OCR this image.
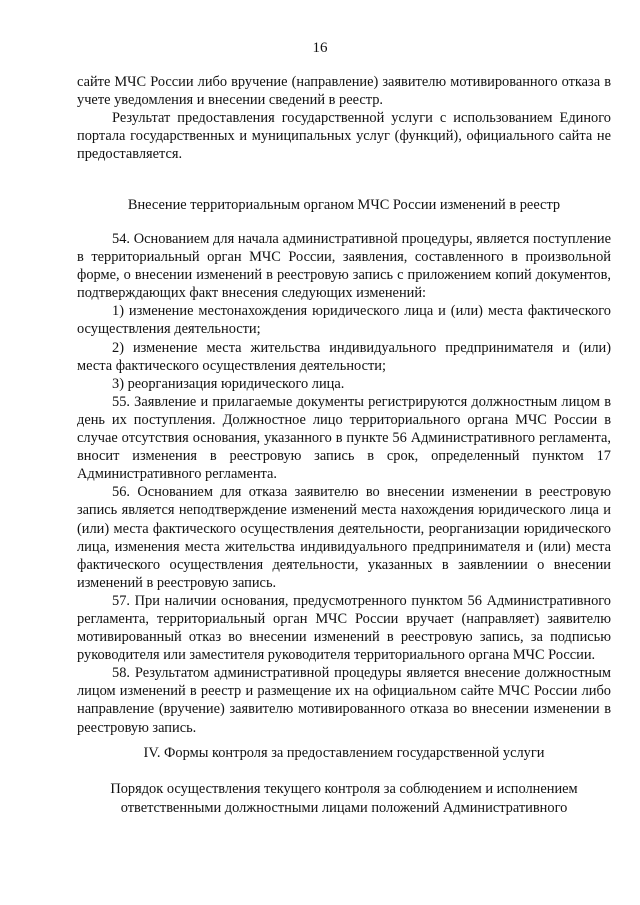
16

сайте МЧС России либо вручение (направление) заявителю мотивированного отказа в учете уведомления и внесении сведений в реестр.

Результат предоставления государственной услуги с использованием Единого портала государственных и муниципальных услуг (функций), официального сайта не предоставляется.

Внесение территориальным органом МЧС России изменений в реестр

54. Основанием для начала административной процедуры, является поступление в территориальный орган МЧС России, заявления, составленного в произвольной форме, о внесении изменений в реестровую запись с приложением копий документов, подтверждающих факт внесения следующих изменений:

1) изменение местонахождения юридического лица и (или) места фактического осуществления деятельности;

2) изменение места жительства индивидуального предпринимателя и (или) места фактического осуществления деятельности;

3) реорганизация юридического лица.

55. Заявление и прилагаемые документы регистрируются должностным лицом в день их поступления. Должностное лицо территориального органа МЧС России в случае отсутствия основания, указанного в пункте 56 Административного регламента, вносит изменения в реестровую запись в срок, определенный пунктом 17 Административного регламента.

56. Основанием для отказа заявителю во внесении изменении в реестровую запись является неподтверждение изменений места нахождения юридического лица и (или) места фактического осуществления деятельности, реорганизации юридического лица, изменения места жительства индивидуального предпринимателя и (или) места фактического осуществления деятельности, указанных в заявлениии о внесении изменений в реестровую запись.

57. При наличии основания, предусмотренного пунктом 56 Административного регламента, территориальный орган МЧС России вручает (направляет) заявителю мотивированный отказ во внесении изменений в реестровую запись, за подписью руководителя или заместителя руководителя территориального органа МЧС России.

58. Результатом административной процедуры является внесение должностным лицом изменений в реестр и размещение их на официальном сайте МЧС России либо направление (вручение) заявителю мотивированного отказа во внесении изменении в реестровую запись.

IV. Формы контроля за предоставлением государственной услуги

Порядок осуществления текущего контроля за соблюдением и исполнением ответственными должностными лицами положений Административного
